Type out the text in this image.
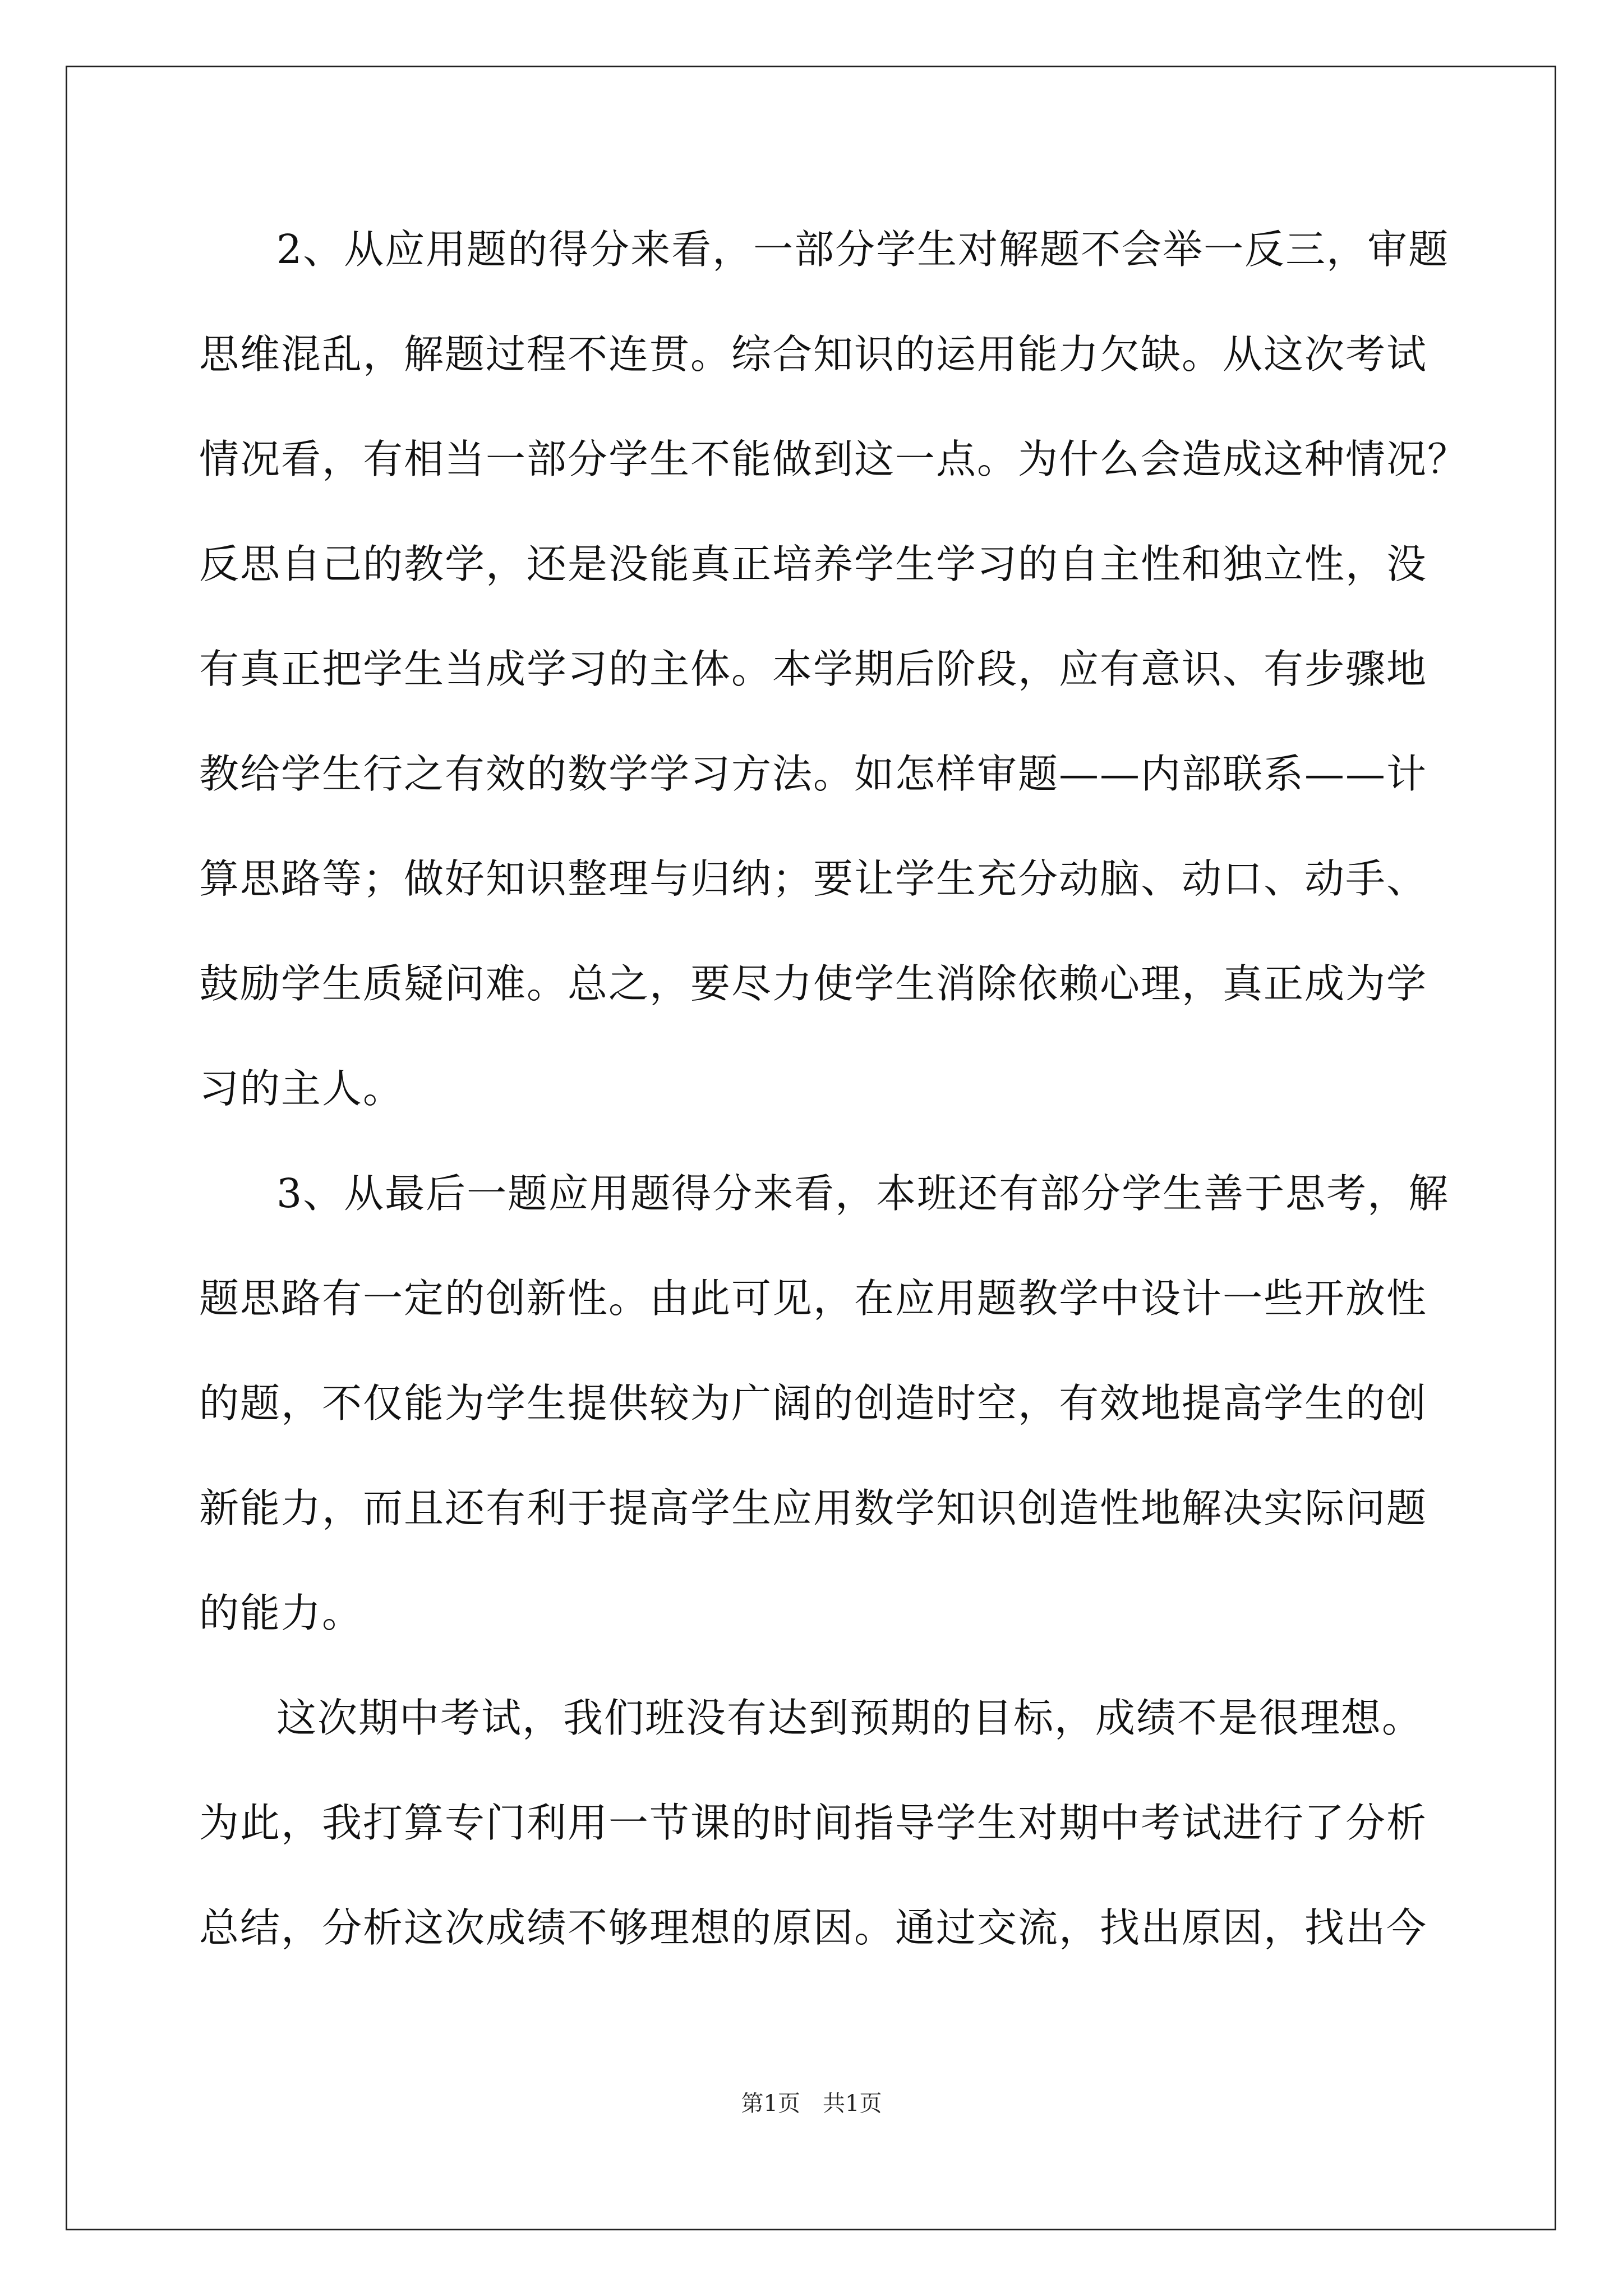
2、从应用题的得分来看，一部分学生对解题不会举一反三，审题
思维混乱，解题过程不连贯。综合知识的运用能力欠缺。从这次考试
情况看，有相当一部分学生不能做到这一点。为什么会造成这种情况？
反思自己的教学，还是没能真正培养学生学习的自主性和独立性，没
有真正把学生当成学习的主体。本学期后阶段，应有意识、有步骤地
教给学生行之有效的数学学习方法。如怎样审题——内部联系——计
算思路等；做好知识整理与归纳；要让学生充分动脑、动口、动手、
鼓励学生质疑问难。总之，要尽力使学生消除依赖心理，真正成为学
习的主人。
3、从最后一题应用题得分来看，本班还有部分学生善于思考，解
题思路有一定的创新性。由此可见，在应用题教学中设计一些开放性
的题，不仅能为学生提供较为广阔的创造时空，有效地提高学生的创
新能力，而且还有利于提高学生应用数学知识创造性地解决实际问题
的能力。
这次期中考试，我们班没有达到预期的目标，成绩不是很理想。
为此，我打算专门利用一节课的时间指导学生对期中考试进行了分析
总结，分析这次成绩不够理想的原因。通过交流，找出原因，找出今
第1页　共1页
